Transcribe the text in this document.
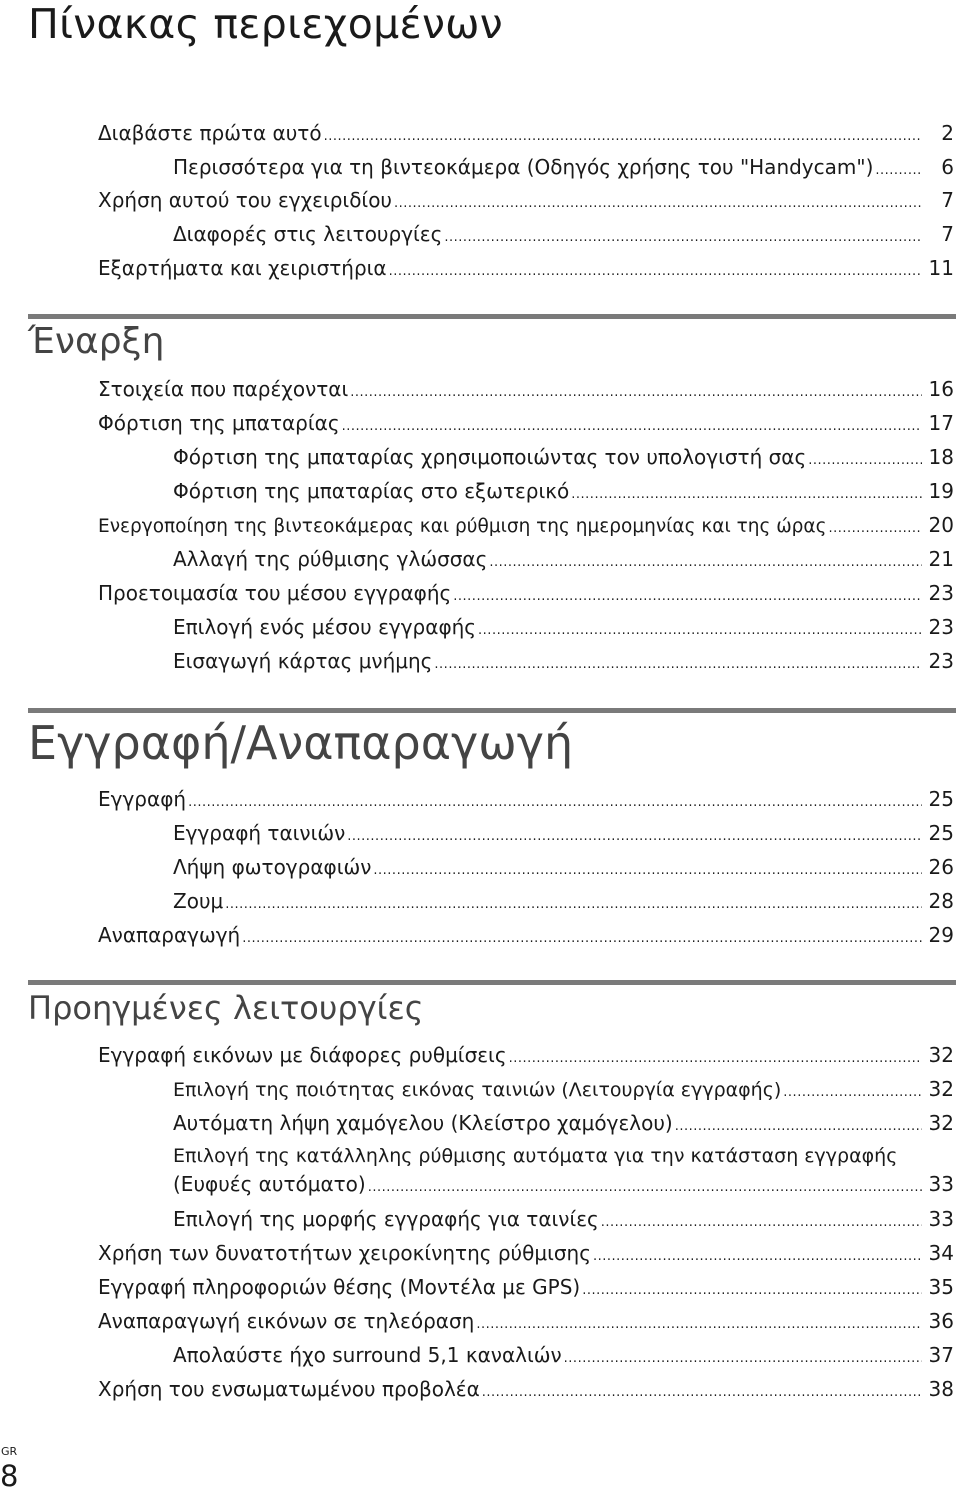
Πίνακας περιεχομένων
Διαβάστε πρώτα αυτό .....	2
Περισσότερα για τη βιντεοκάμερα (Οδηγός χρήσης του "Handycam") .....	6
Χρήση αυτού του εγχειριδίου .....	7
Διαφορές στις λειτουργίες .....	7
Εξαρτήματα και χειριστήρια .....	11
Έναρξη
Στοιχεία που παρέχονται .....	16
Φόρτιση της μπαταρίας .....	17
Φόρτιση της μπαταρίας χρησιμοποιώντας τον υπολογιστή σας .....	18
Φόρτιση της μπαταρίας στο εξωτερικό .....	19
Ενεργοποίηση της βιντεοκάμερας και ρύθμιση της ημερομηνίας και της ώρας .....	20
Αλλαγή της ρύθμισης γλώσσας .....	21
Προετοιμασία του μέσου εγγραφής .....	23
Επιλογή ενός μέσου εγγραφής .....	23
Εισαγωγή κάρτας μνήμης .....	23
Εγγραφή/Αναπαραγωγή
Εγγραφή .....	25
Εγγραφή ταινιών .....	25
Λήψη φωτογραφιών .....	26
Ζουμ .....	28
Αναπαραγωγή .....	29
Προηγμένες λειτουργίες
Εγγραφή εικόνων με διάφορες ρυθμίσεις .....	32
Επιλογή της ποιότητας εικόνας ταινιών (Λειτουργία εγγραφής) .....	32
Αυτόματη λήψη χαμόγελου (Κλείστρο χαμόγελου) .....	32
Επιλογή της κατάλληλης ρύθμισης αυτόματα για την κατάσταση εγγραφής
(Ευφυές αυτόματο) .....	33
Επιλογή της μορφής εγγραφής για ταινίες .....	33
Χρήση των δυνατοτήτων χειροκίνητης ρύθμισης .....	34
Εγγραφή πληροφοριών θέσης (Μοντέλα με GPS) .....	35
Αναπαραγωγή εικόνων σε τηλεόραση .....	36
Απολαύστε ήχο surround 5,1 καναλιών .....	37
Χρήση του ενσωματωμένου προβολέα .....	38
GR
8
